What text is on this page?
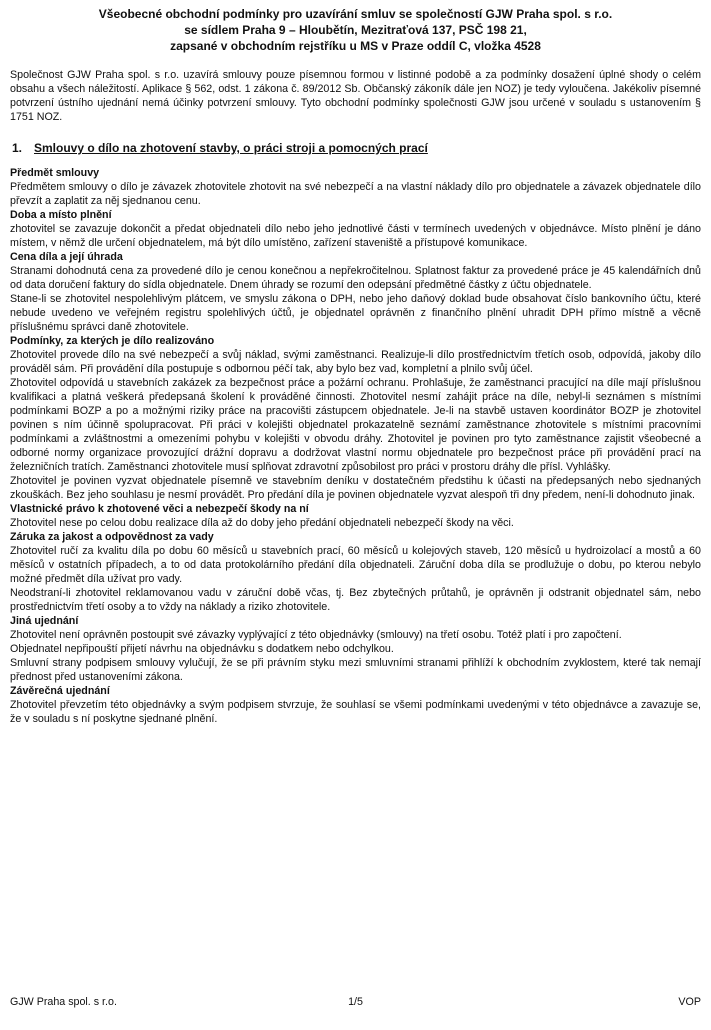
Všeobecné obchodní podmínky pro uzavírání smluv se společností GJW Praha spol. s r.o.
se sídlem Praha 9 – Hloubětín, Mezitraťová 137, PSČ 198 21,
zapsané v obchodním rejstříku u MS v Praze oddíl C, vložka 4528

Společnost GJW Praha spol. s r.o. uzavírá smlouvy pouze písemnou formou v listinné podobě a za podmínky dosažení úplné shody o celém obsahu a všech náležitostí. Aplikace § 562, odst. 1 zákona č. 89/2012 Sb. Občanský zákoník dále jen NOZ) je tedy vyloučena. Jakékoliv písemné potvrzení ústního ujednání nemá účinky potvrzení smlouvy. Tyto obchodní podmínky společnosti GJW jsou určené v souladu s ustanovením § 1751 NOZ.

1. Smlouvy o dílo na zhotovení stavby, o práci stroji a pomocných prací
Předmět smlouvy

Předmětem smlouvy o dílo je závazek zhotovitele zhotovit na své nebezpečí a na vlastní náklady dílo pro objednatele a závazek objednatele dílo převzít a zaplatit za něj sjednanou cenu.

Doba a místo plnění

zhotovitel se zavazuje dokončit a předat objednateli dílo nebo jeho jednotlivé části v termínech uvedených v objednávce. Místo plnění je dáno místem, v němž dle určení objednatelem, má být dílo umístěno, zařízení staveniště a přístupové komunikace.

Cena díla a její úhrada

Stranami dohodnutá cena za provedené dílo je cenou konečnou a nepřekročitelnou. Splatnost faktur za provedené práce je 45 kalendářních dnů od data doručení faktury do sídla objednatele. Dnem úhrady se rozumí den odepsání předmětné částky z účtu objednatele.

Stane-li se zhotovitel nespolehlivým plátcem, ve smyslu zákona o DPH, nebo jeho daňový doklad bude obsahovat číslo bankovního účtu, které nebude uvedeno ve veřejném registru spolehlivých účtů, je objednatel oprávněn z finančního plnění uhradit DPH přímo místně a věcně příslušnému správci daně zhotovitele.

Podmínky, za kterých je dílo realizováno

Zhotovitel provede dílo na své nebezpečí a svůj náklad, svými zaměstnanci. Realizuje-li dílo prostřednictvím třetích osob, odpovídá, jakoby dílo prováděl sám. Při provádění díla postupuje s odbornou péčí tak, aby bylo bez vad, kompletní a plnilo svůj účel.

Zhotovitel odpovídá u stavebních zakázek za bezpečnost práce a požární ochranu. Prohlašuje, že zaměstnanci pracující na díle mají příslušnou kvalifikaci a platná veškerá předepsaná školení k prováděné činnosti. Zhotovitel nesmí zahájit práce na díle, nebyl-li seznámen s místními podmínkami BOZP a po a možnými riziky práce na pracovišti zástupcem objednatele. Je-li na stavbě ustaven koordinátor BOZP je zhotovitel povinen s ním účinně spolupracovat. Při práci v kolejišti objednatel prokazatelně seznámí zaměstnance zhotovitele s místními pracovními podmínkami a zvláštnostmi a omezeními pohybu v kolejišti v obvodu dráhy. Zhotovitel je povinen pro tyto zaměstnance zajistit všeobecné a odborné normy organizace provozující drážní dopravu a dodržovat vlastní normu objednatele pro bezpečnost práce při provádění prací na železničních tratích. Zaměstnanci zhotovitele musí splňovat zdravotní způsobilost pro práci v prostoru dráhy dle přísl. Vyhlášky.

Zhotovitel je povinen vyzvat objednatele písemně ve stavebním deníku v dostatečném předstihu k účasti na předepsaných nebo sjednaných zkouškách. Bez jeho souhlasu je nesmí provádět. Pro předání díla je povinen objednatele vyzvat alespoň tři dny předem, není-li dohodnuto jinak.

Vlastnické právo k zhotovené věci a nebezpečí škody na ní

Zhotovitel nese po celou dobu realizace díla až do doby jeho předání objednateli nebezpečí škody na věci.

Záruka za jakost a odpovědnost za vady

Zhotovitel ručí za kvalitu díla po dobu 60 měsíců u stavebních prací, 60 měsíců u kolejových staveb, 120 měsíců u hydroizolací a mostů a 60 měsíců v ostatních případech, a to od data protokolárního předání díla objednateli. Záruční doba díla se prodlužuje o dobu, po kterou nebylo možné předmět díla užívat pro vady.

Neodstraní-li zhotovitel reklamovanou vadu v záruční době včas, tj. Bez zbytečných průtahů, je oprávněn ji odstranit objednatel sám, nebo prostřednictvím třetí osoby a to vždy na náklady a riziko zhotovitele.

Jiná ujednání

Zhotovitel není oprávněn postoupit své závazky vyplývající z této objednávky (smlouvy) na třetí osobu. Totéž platí i pro započtení.

Objednatel nepřipouští přijetí návrhu na objednávku s dodatkem nebo odchylkou.

Smluvní strany podpisem smlouvy vylučují, že se při právním styku mezi smluvními stranami přihlíží k obchodním zvyklostem, které tak nemají přednost před ustanoveními zákona.

Závěrečná ujednání

Zhotovitel převzetím této objednávky a svým podpisem stvrzuje, že souhlasí se všemi podmínkami uvedenými v této objednávce a zavazuje se, že v souladu s ní poskytne sjednané plnění.

GJW Praha spol. s r.o.	1/5	VOP
